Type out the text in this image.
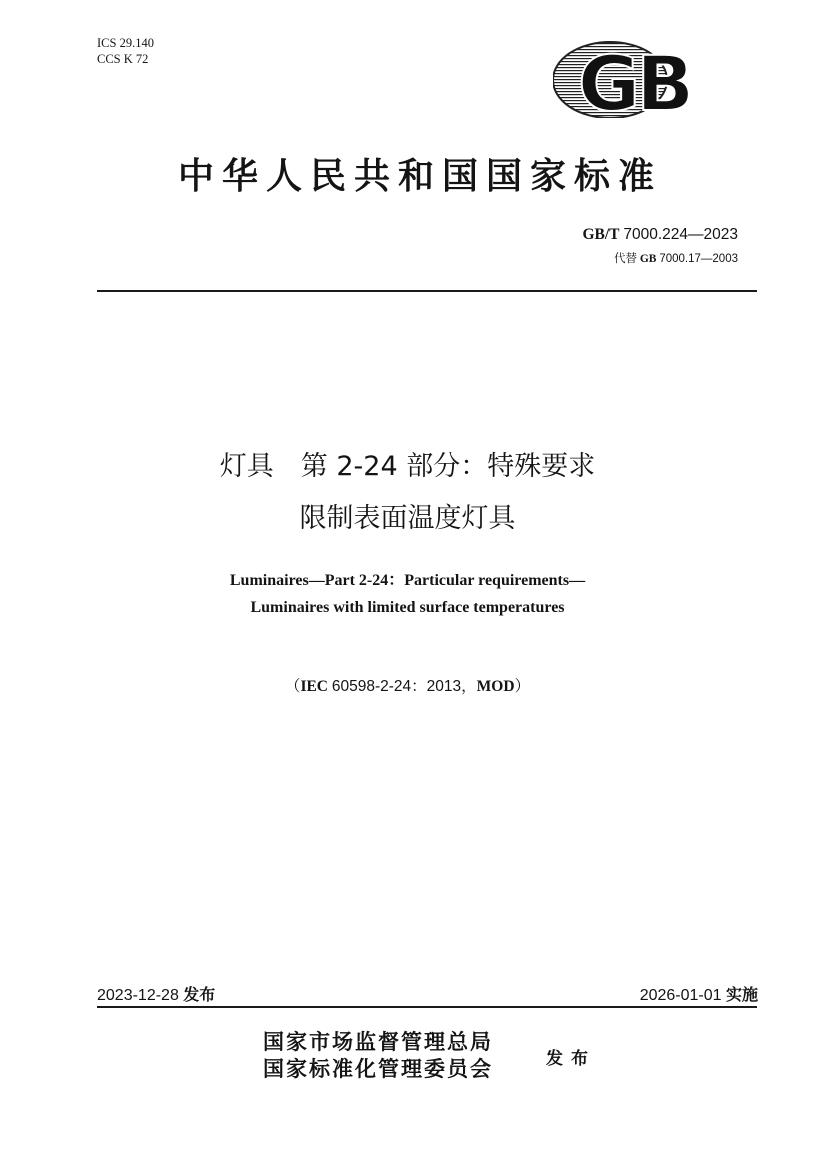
ICS 29.140
CCS K 72	GB
中华人民共和国国家标准
GB/T 7000.224—2023
代替 GB 7000.17—2003
灯具　第 2-24 部分：特殊要求
限制表面温度灯具
Luminaires—Part 2-24：Particular requirements—
Luminaires with limited surface temperatures
（IEC 60598-2-24：2013，MOD）
2023-12-28 发布	2026-01-01 实施
国家市场监督管理总局
国家标准化管理委员会	发布
